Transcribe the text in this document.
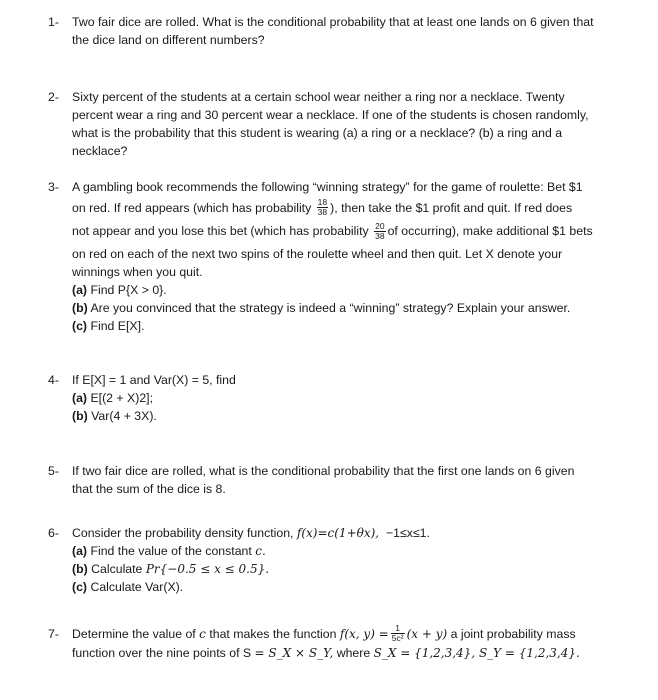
1-	Two fair dice are rolled. What is the conditional probability that at least one lands on 6 given that
the dice land on different numbers?
2-	Sixty percent of the students at a certain school wear neither a ring nor a necklace. Twenty
percent wear a ring and 30 percent wear a necklace. If one of the students is chosen randomly,
what is the probability that this student is wearing (a) a ring or a necklace? (b) a ring and a
necklace?
3-	A gambling book recommends the following “winning strategy” for the game of roulette: Bet $1
on red. If red appears (which has probability $\frac{18}{38}$ ), then take the $1 profit and quit. If red does
not appear and you lose this bet (which has probability $\frac{20}{38}$ of occurring), make additional $1 bets
on red on each of the next two spins of the roulette wheel and then quit. Let X denote your
winnings when you quit.
(a) Find P{X > 0}.
(b) Are you convinced that the strategy is indeed a “winning” strategy? Explain your answer.
(c) Find E[X].
4-	If E[X] = 1 and Var(X) = 5, find
(a) E[(2 + X)2];
(b) Var(4 + 3X).
5-	If two fair dice are rolled, what is the conditional probability that the first one lands on 6 given
that the sum of the dice is 8.
6-	Consider the probability density function, f(x)=c(1+θx), −1≤x≤1.
(a) Find the value of the constant c.
(b) Calculate Pr{−0.5 ≤ x ≤ 0.5}.
(c) Calculate Var(X).
7-	Determine the value of c that makes the function f(x, $y) = \frac{1}{\text{5c²}} (x + y)$ a joint probability mass
function over the nine points of S = S_X × S_Y, where S_X = {1,2,3,4}, S_Y = {1,2,3,4}.
